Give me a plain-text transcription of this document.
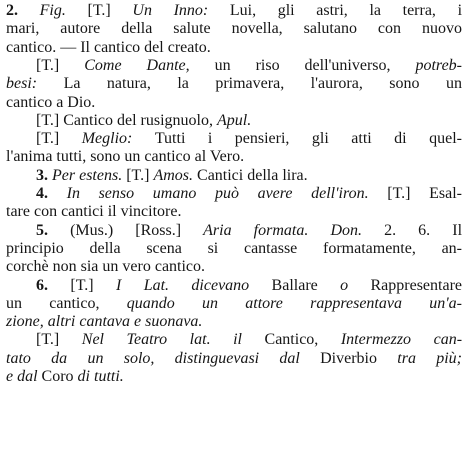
2. Fig. [T.] Un Inno: Lui, gli astri, la terra, i
mari, autore della salute novella, salutano con nuovo
cantico. — Il cantico del creato.
[T.] Come Dante, un riso dell'universo, potreb-
besi: La natura, la primavera, l'aurora, sono un
cantico a Dio.
[T.] Cantico del rusignuolo, Apul.
[T.] Meglio: Tutti i pensieri, gli atti di quel-
l'anima tutti, sono un cantico al Vero.
3. Per estens. [T.] Amos. Cantici della lira.
4. In senso umano può avere dell'iron. [T.] Esal-
tare con cantici il vincitore.
5. (Mus.) [Ross.] Aria formata. Don. 2. 6. Il
principio della scena si cantasse formatamente, an-
corchè non sia un vero cantico.
6. [T.] I Lat. dicevano Ballare o Rappresentare
un cantico, quando un attore rappresentava un'a-
zione, altri cantava e suonava.
[T.] Nel Teatro lat. il Cantico, Intermezzo can-
tato da un solo, distinguevasi dal Diverbio tra più;
e dal Coro di tutti.
